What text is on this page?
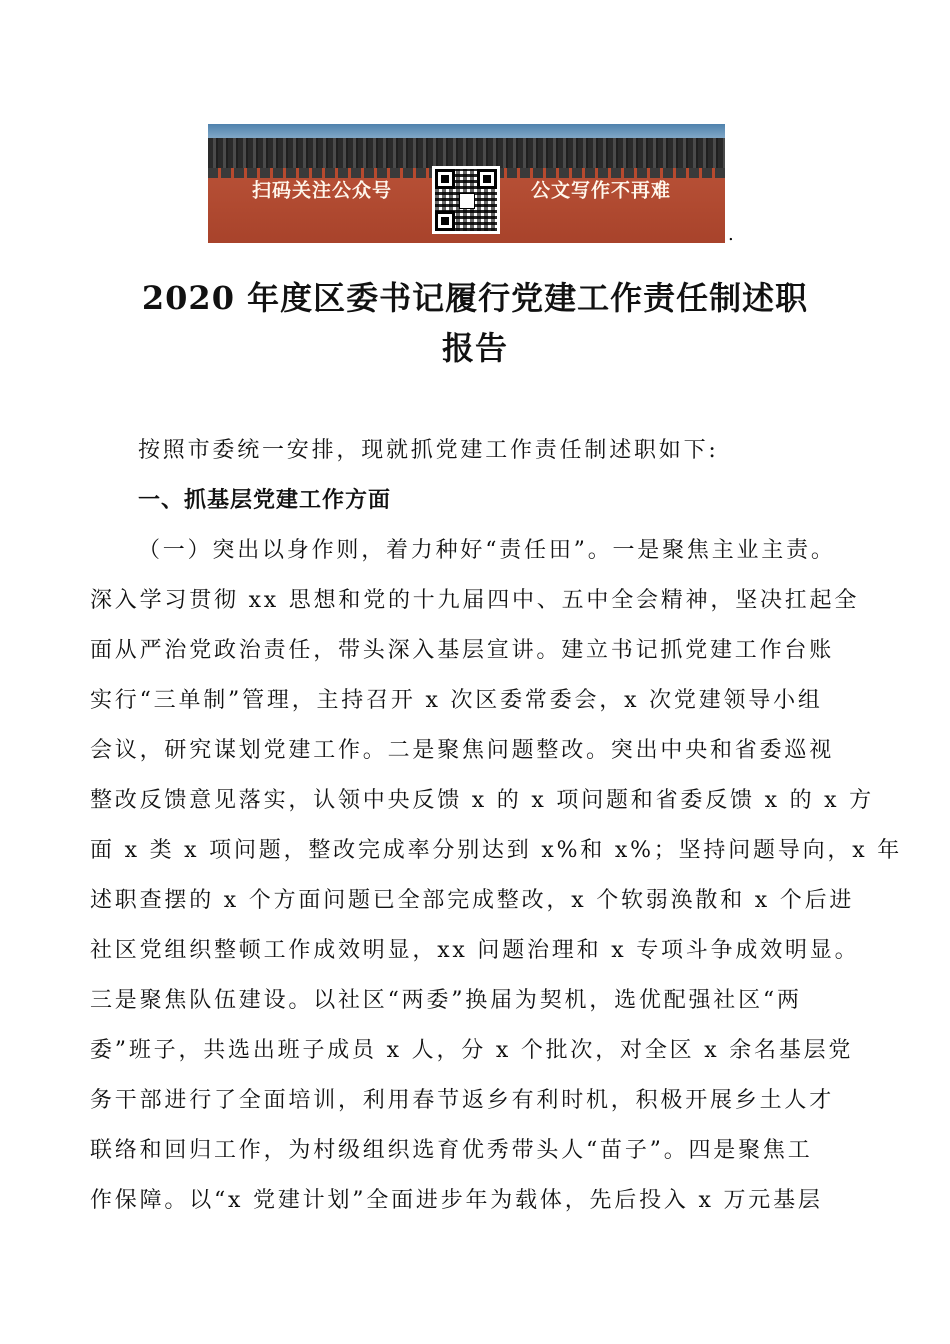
扫码关注公众号	公文写作不再难
.
2020 年度区委书记履行党建工作责任制述职
报告
按照市委统一安排，现就抓党建工作责任制述职如下:
一、抓基层党建工作方面
（一）突出以身作则，着力种好“责任田”。一是聚焦主业主责。
深入学习贯彻 xx 思想和党的十九届四中、五中全会精神，坚决扛起全
面从严治党政治责任，带头深入基层宣讲。建立书记抓党建工作台账
实行“三单制”管理，主持召开 x 次区委常委会，x 次党建领导小组
会议，研究谋划党建工作。二是聚焦问题整改。突出中央和省委巡视
整改反馈意见落实，认领中央反馈 x 的 x 项问题和省委反馈 x 的 x 方
面 x 类 x 项问题，整改完成率分别达到 x%和 x%；坚持问题导向，x 年
述职查摆的 x 个方面问题已全部完成整改，x 个软弱涣散和 x 个后进
社区党组织整顿工作成效明显，xx 问题治理和 x 专项斗争成效明显。
三是聚焦队伍建设。以社区“两委”换届为契机，选优配强社区“两
委”班子，共选出班子成员 x 人，分 x 个批次，对全区 x 余名基层党
务干部进行了全面培训，利用春节返乡有利时机，积极开展乡土人才
联络和回归工作，为村级组织选育优秀带头人“苗子”。四是聚焦工
作保障。以“x 党建计划”全面进步年为载体，先后投入 x 万元基层
